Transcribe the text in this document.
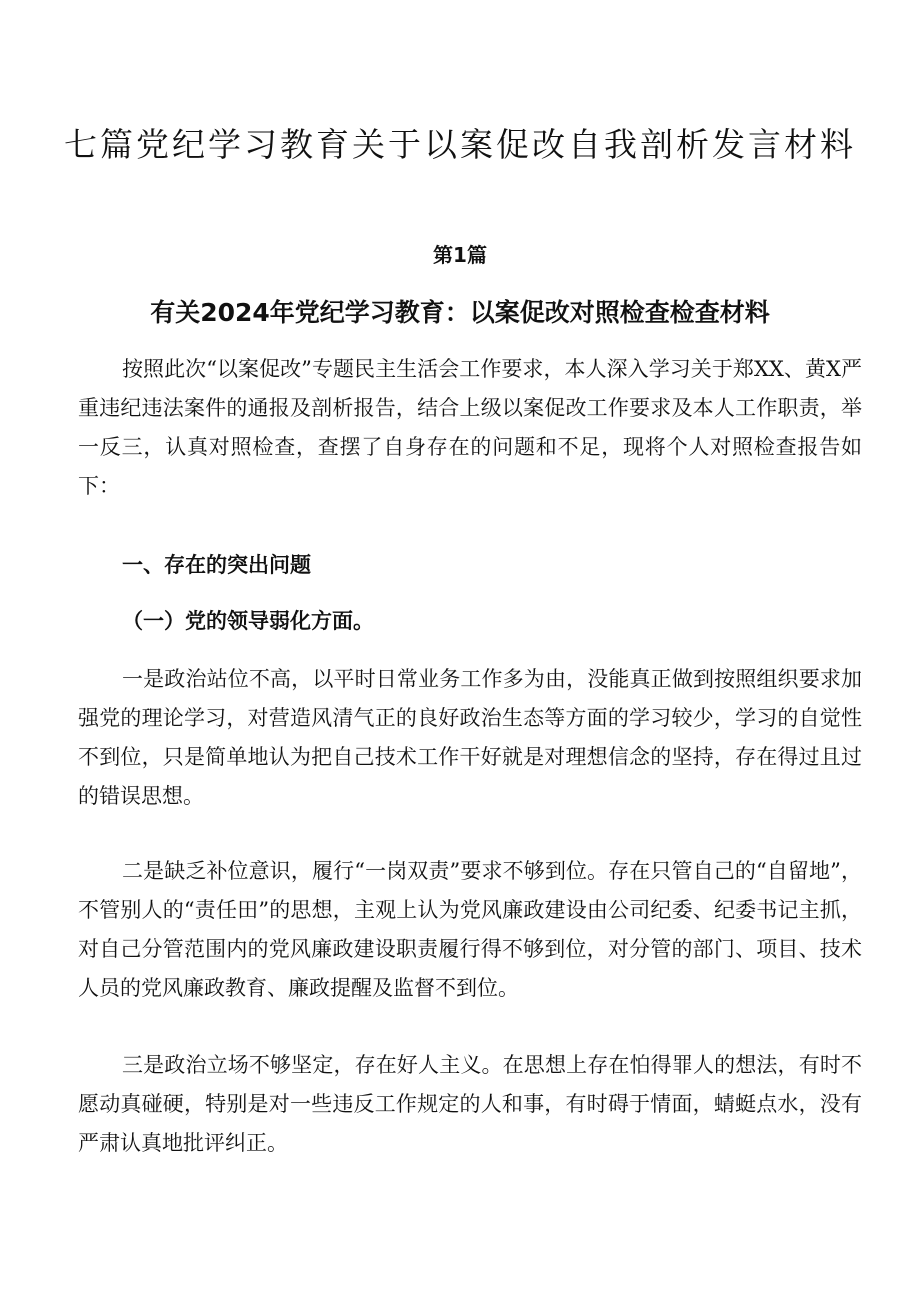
七篇党纪学习教育关于以案促改自我剖析发言材料
第1篇
有关2024年党纪学习教育：以案促改对照检查检查材料

按照此次“以案促改”专题民主生活会工作要求，本人深入学习关于郑XX、黄X严重违纪违法案件的通报及剖析报告，结合上级以案促改工作要求及本人工作职责，举一反三，认真对照检查，查摆了自身存在的问题和不足，现将个人对照检查报告如下：

一、存在的突出问题
（一）党的领导弱化方面。

一是政治站位不高，以平时日常业务工作多为由，没能真正做到按照组织要求加强党的理论学习，对营造风清气正的良好政治生态等方面的学习较少，学习的自觉性不到位，只是简单地认为把自己技术工作干好就是对理想信念的坚持，存在得过且过的错误思想。

二是缺乏补位意识，履行“一岗双责”要求不够到位。存在只管自己的“自留地”，不管别人的“责任田”的思想，主观上认为党风廉政建设由公司纪委、纪委书记主抓，对自己分管范围内的党风廉政建设职责履行得不够到位，对分管的部门、项目、技术人员的党风廉政教育、廉政提醒及监督不到位。

三是政治立场不够坚定，存在好人主义。在思想上存在怕得罪人的想法，有时不愿动真碰硬，特别是对一些违反工作规定的人和事，有时碍于情面，蜻蜓点水，没有严肃认真地批评纠正。
